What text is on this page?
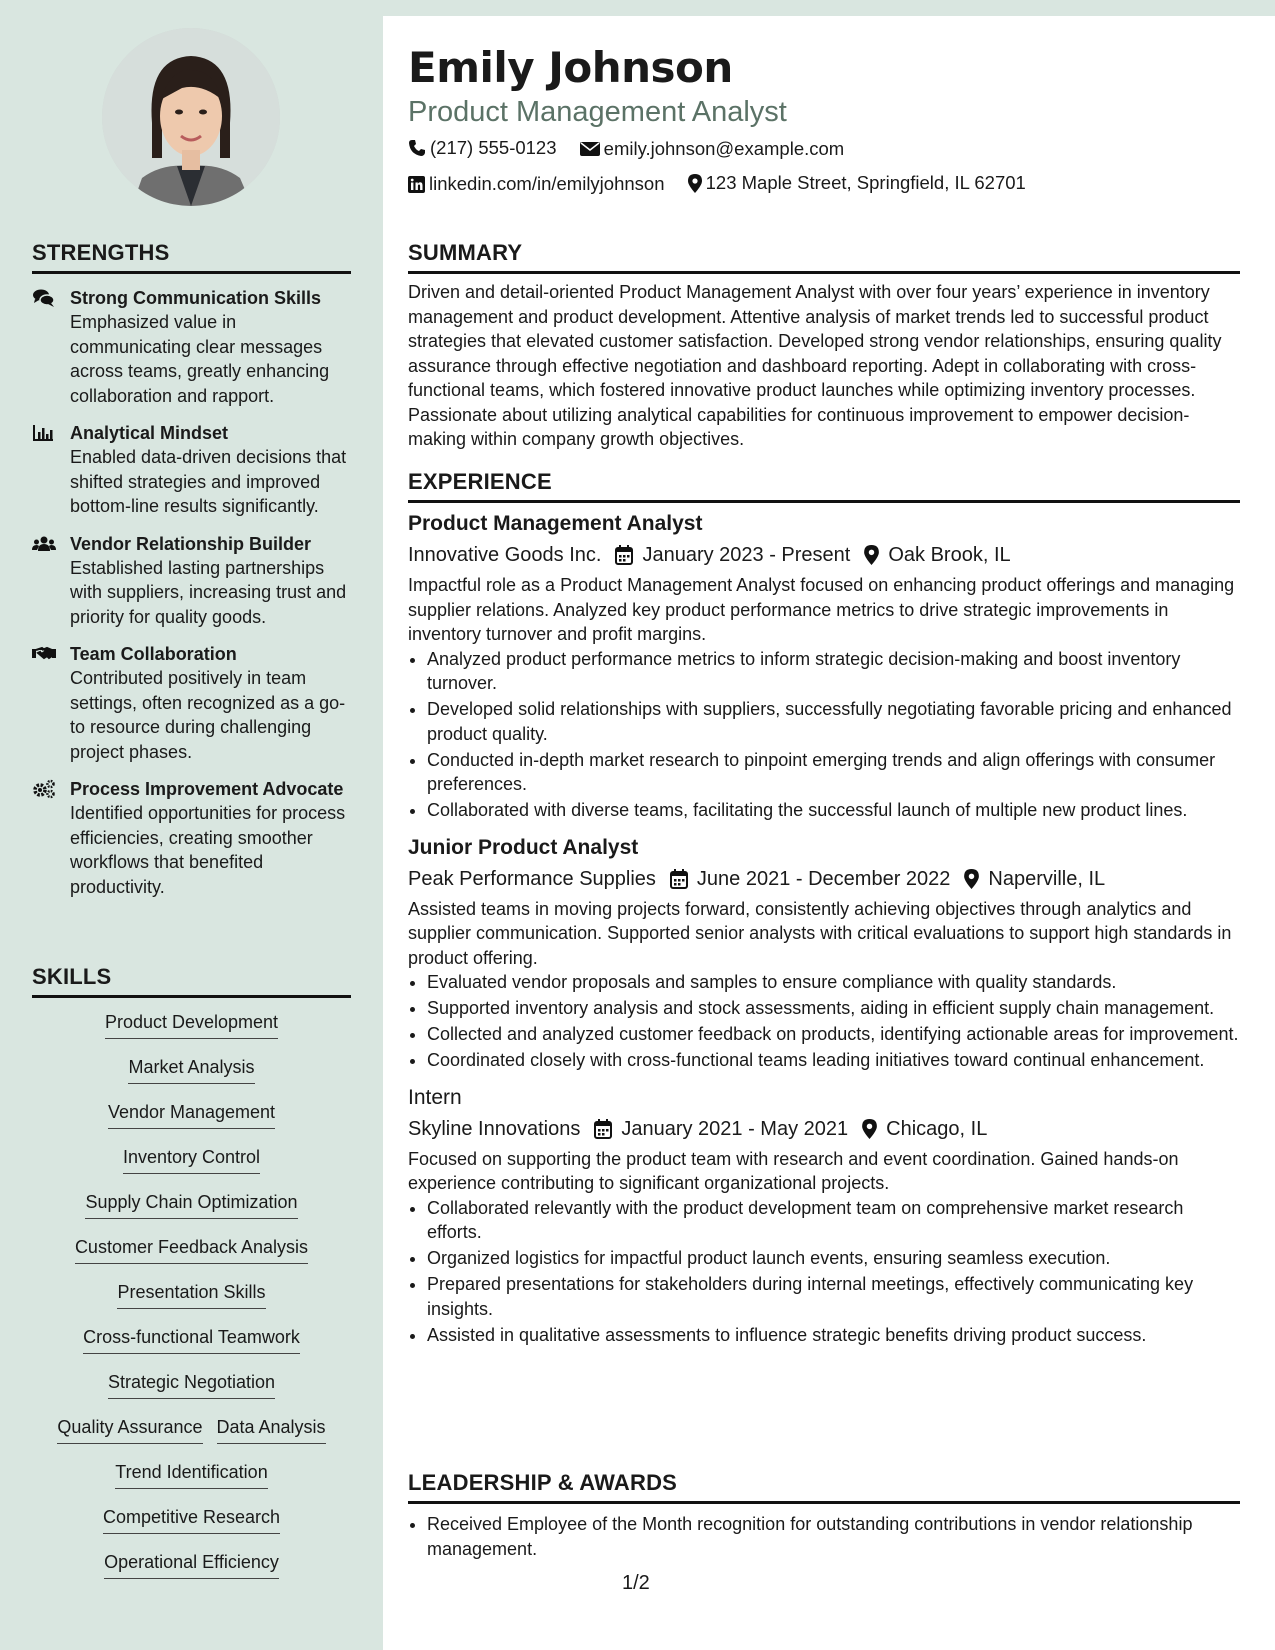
STRENGTHS
Strong Communication Skills
Emphasized value in communicating clear messages across teams, greatly enhancing collaboration and rapport.
Analytical Mindset
Enabled data-driven decisions that shifted strategies and improved bottom-line results significantly.
Vendor Relationship Builder
Established lasting partnerships with suppliers, increasing trust and priority for quality goods.
Team Collaboration
Contributed positively in team settings, often recognized as a go-to resource during challenging project phases.
Process Improvement Advocate
Identified opportunities for process efficiencies, creating smoother workflows that benefited productivity.
SKILLS
Product Development
Market Analysis
Vendor Management
Inventory Control
Supply Chain Optimization
Customer Feedback Analysis
Presentation Skills
Cross-functional Teamwork
Strategic Negotiation
Quality Assurance Data Analysis
Trend Identification
Competitive Research
Operational Efficiency
Emily Johnson
Product Management Analyst
(217) 555-0123
	emily.johnson@example.com
linkedin.com/in/emilyjohnson
123 Maple Street, Springfield, IL 62701
SUMMARY

Driven and detail-oriented Product Management Analyst with over four years’ experience in inventory management and product development. Attentive analysis of market trends led to successful product strategies that elevated customer satisfaction. Developed strong vendor relationships, ensuring quality assurance through effective negotiation and dashboard reporting. Adept in collaborating with cross-functional teams, which fostered innovative product launches while optimizing inventory processes. Passionate about utilizing analytical capabilities for continuous improvement to empower decision-making within company growth objectives.

EXPERIENCE
Product Management Analyst
Innovative Goods Inc. January 2023 - Present Oak Brook, IL

Impactful role as a Product Management Analyst focused on enhancing product offerings and managing supplier relations. Analyzed key product performance metrics to drive strategic improvements in inventory turnover and profit margins.

• Analyzed product performance metrics to inform strategic decision-making and boost inventory turnover.
• Developed solid relationships with suppliers, successfully negotiating favorable pricing and enhanced product quality.
• Conducted in-depth market research to pinpoint emerging trends and align offerings with consumer preferences.
• Collaborated with diverse teams, facilitating the successful launch of multiple new product lines.
Junior Product Analyst
Peak Performance Supplies June 2021 - December 2022 Naperville, IL

Assisted teams in moving projects forward, consistently achieving objectives through analytics and supplier communication. Supported senior analysts with critical evaluations to support high standards in product offering.

• Evaluated vendor proposals and samples to ensure compliance with quality standards.
• Supported inventory analysis and stock assessments, aiding in efficient supply chain management.
• Collected and analyzed customer feedback on products, identifying actionable areas for improvement.
• Coordinated closely with cross-functional teams leading initiatives toward continual enhancement.
Intern
Skyline Innovations January 2021 - May 2021 Chicago, IL

Focused on supporting the product team with research and event coordination. Gained hands-on experience contributing to significant organizational projects.

• Collaborated relevantly with the product development team on comprehensive market research efforts.
• Organized logistics for impactful product launch events, ensuring seamless execution.
• Prepared presentations for stakeholders during internal meetings, effectively communicating key insights.
• Assisted in qualitative assessments to influence strategic benefits driving product success.
LEADERSHIP & AWARDS
• Received Employee of the Month recognition for outstanding contributions in vendor relationship management.
1/2
